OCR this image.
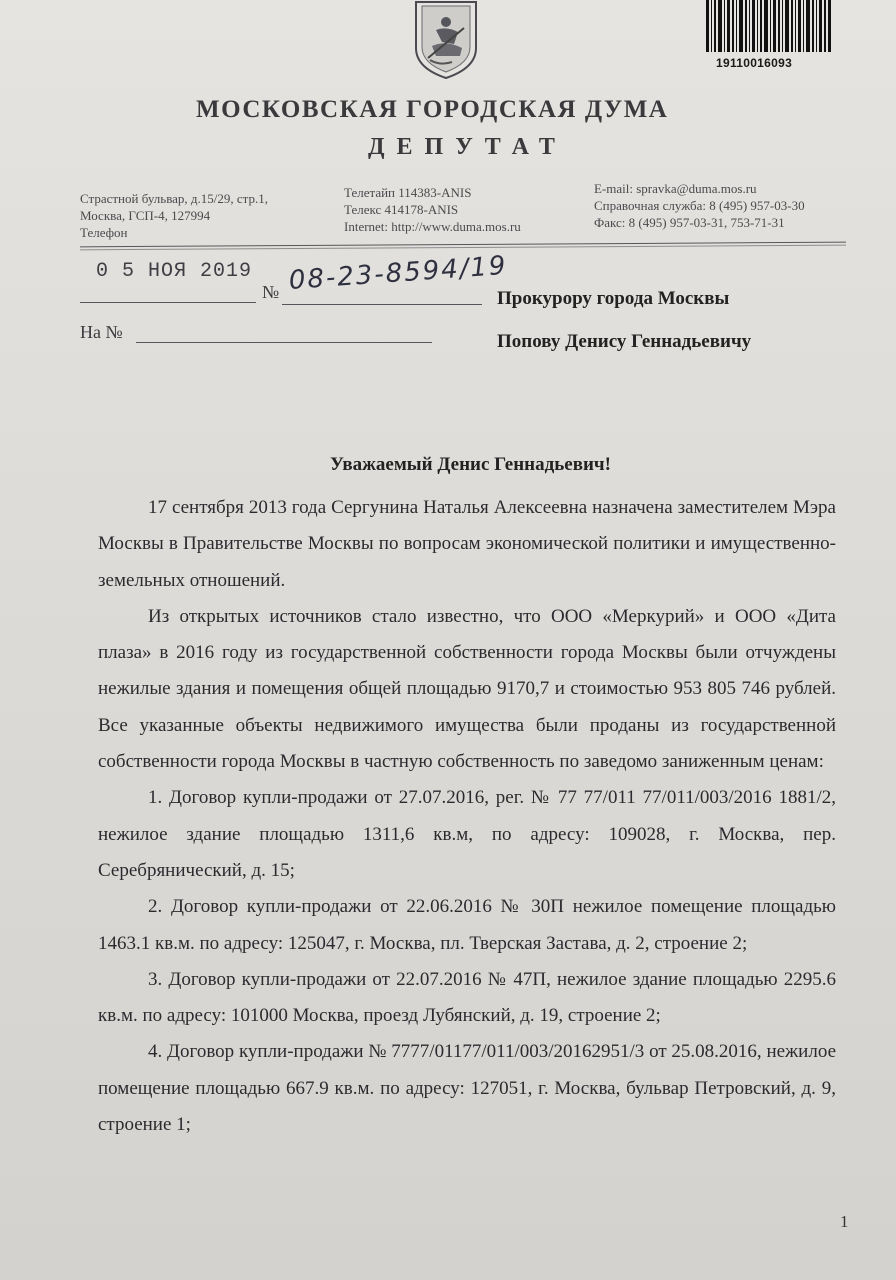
19110016093
МОСКОВСКАЯ ГОРОДСКАЯ ДУМА
ДЕПУТАТ
Страстной бульвар, д.15/29, стр.1,
Москва, ГСП-4, 127994
Телефон
Телетайп 114383-ANIS
Телекс 414178-ANIS
Internet: http://www.duma.mos.ru
E-mail: spravka@duma.mos.ru
Справочная служба: 8 (495) 957-03-30
Факс: 8 (495) 957-03-31, 753-71-31
0 5 НОЯ 2019
№ 08-23-8594/19
На №
Прокурору города Москвы
Попову Денису Геннадьевичу
Уважаемый Денис Геннадьевич!

17 сентября 2013 года Сергунина Наталья Алексеевна назначена заместителем Мэра Москвы в Правительстве Москвы по вопросам экономической политики и имущественно-земельных отношений.

Из открытых источников стало известно, что ООО «Меркурий» и ООО «Дита плаза» в 2016 году из государственной собственности города Москвы были отчуждены нежилые здания и помещения общей площадью 9170,7 и стоимостью 953 805 746 рублей. Все указанные объекты недвижимого имущества были проданы из государственной собственности города Москвы в частную собственность по заведомо заниженным ценам:

1. Договор купли-продажи от 27.07.2016, рег. № 77 77/011 77/011/003/2016 1881/2, нежилое здание площадью 1311,6 кв.м, по адресу: 109028, г. Москва, пер. Серебрянический, д. 15;

2. Договор купли-продажи от 22.06.2016 № 30П нежилое помещение площадью 1463.1 кв.м. по адресу: 125047, г. Москва, пл. Тверская Застава, д. 2, строение 2;

3. Договор купли-продажи от 22.07.2016 № 47П, нежилое здание площадью 2295.6 кв.м. по адресу: 101000 Москва, проезд Лубянский, д. 19, строение 2;

4. Договор купли-продажи № 7777/01177/011/003/20162951/3 от 25.08.2016, нежилое помещение площадью 667.9 кв.м. по адресу: 127051, г. Москва, бульвар Петровский, д. 9, строение 1;

1
